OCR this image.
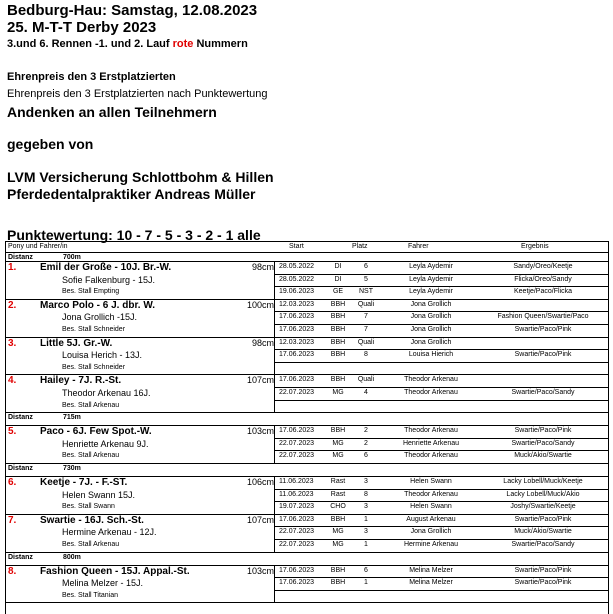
Bedburg-Hau: Samstag, 12.08.2023
25. M-T-T Derby 2023
3.und 6. Rennen -1. und 2. Lauf rote Nummern
Ehrenpreis den 3 Erstplatzierten
Ehrenpreis den 3 Erstplatzierten nach Punktewertung
Andenken an allen Teilnehmern
gegeben von
LVM Versicherung Schlottbohm & Hillen
Pferdedentalpraktiker Andreas Müller
Punktewertung: 10 - 7 - 5 - 3 - 2 - 1 alle
Pony und Fahrer/in	Start	Platz	Fahrer	Ergebnis
Distanz	700m
1. Emil der Große - 10J. Br.-W.	98cm
Sofie Falkenburg - 15J.
Bes. Stall Empting
28.05.2022	DI	6	Leyla Aydemir	Sandy/Oreo/Keetje
28.05.2022	DI	5	Leyla Aydemir	Flicka/Oreo/Sandy
19.06.2023	GE	NST	Leyla Aydemir	Keetje/Paco/Flicka
2. Marco Polo - 6 J. dbr. W.	100cm
Jona Grollich -15J.
Bes. Stall Schneider
12.03.2023	BBH	Quali	Jona Grollich
17.06.2023	BBH	7	Jona Grollich	Fashion Queen/Swartie/Paco
17.06.2023	BBH	7	Jona Grollich	Swartie/Paco/Pink
3. Little 5J. Gr.-W.	98cm
Louisa Herich - 13J.
Bes. Stall Schneider
12.03.2023	BBH	Quali	Jona Grollich
17.06.2023	BBH	8	Louisa Hierich	Swartie/Paco/Pink
4. Hailey - 7J. R.-St.	107cm
Theodor Arkenau 16J.
Bes. Stall Arkenau
17.06.2023	BBH	Quali	Theodor Arkenau
22.07.2023	MG	4	Theodor Arkenau	Swartie/Paco/Sandy
Distanz	715m
5. Paco - 6J. Few Spot.-W.	103cm
Henriette Arkenau 9J.
Bes. Stall Arkenau
17.06.2023	BBH	2	Theodor Arkenau	Swartie/Paco/Pink
22.07.2023	MG	2	Henriette Arkenau	Swartie/Paco/Sandy
22.07.2023	MG	6	Theodor Arkenau	Muck/Akio/Swartie
Distanz	730m
6. Keetje - 7J. - F.-ST.	106cm
Helen Swann 15J.
Bes. Stall Swann
11.06.2023	Rast	3	Helen Swann	Lacky Lobell/Muck/Keetje
11.06.2023	Rast	8	Theodor Arkenau	Lacky Lobell/Muck/Akio
19.07.2023	CHO	3	Helen Swann	Joshy/Swartie/Keetje
7. Swartie - 16J. Sch.-St.	107cm
Hermine Arkenau - 12J.
Bes. Stall Arkenau
17.06.2023	BBH	1	August Arkenau	Swartie/Paco/Pink
22.07.2023	MG	3	Jona Grollich	Muck/Akio/Swartie
22.07.2023	MG	1	Hermine Arkenau	Swartie/Paco/Sandy
Distanz	800m
8. Fashion Queen - 15J. Appal.-St.	103cm
Melina Melzer - 15J.
Bes. Stall Titanian
17.06.2023	BBH	6	Melina Melzer	Swartie/Paco/Pink
17.06.2023	BBH	1	Melina Melzer	Swartie/Paco/Pink
